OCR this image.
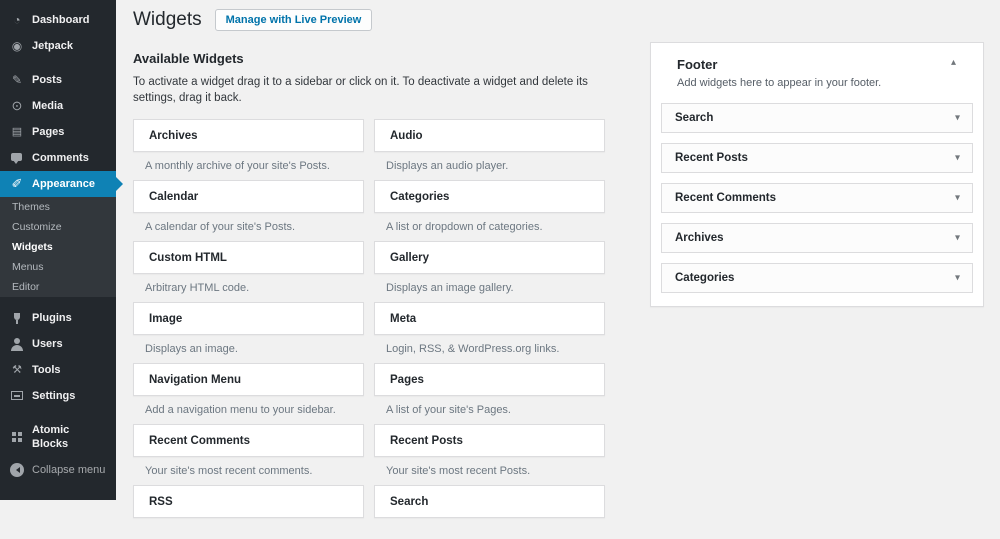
◔
Dashboard
◉
Jetpack
✎
Posts
⊙
Media
▤
Pages
Comments
✐
Appearance
Themes
Customize
Widgets
Menus
Editor
Plugins
Users
⚒
Tools
Settings
Atomic Blocks
Collapse menu
Widgets	Manage with Live Preview
Available Widgets

To activate a widget drag it to a sidebar or click on it. To deactivate a widget and delete its settings, drag it back.

Archives
A monthly archive of your site's Posts.
Audio
Displays an audio player.
Calendar
A calendar of your site's Posts.
Categories
A list or dropdown of categories.
Custom HTML
Arbitrary HTML code.
Gallery
Displays an image gallery.
Image
Displays an image.
Meta
Login, RSS, & WordPress.org links.
Navigation Menu
Add a navigation menu to your sidebar.
Pages
A list of your site's Pages.
Recent Comments
Your site's most recent comments.
Recent Posts
Your site's most recent Posts.
RSS	Search
Footer
▴

Add widgets here to appear in your footer.

Search
▾
Recent Posts
▾
Recent Comments
▾
Archives
▾
Categories
▾
